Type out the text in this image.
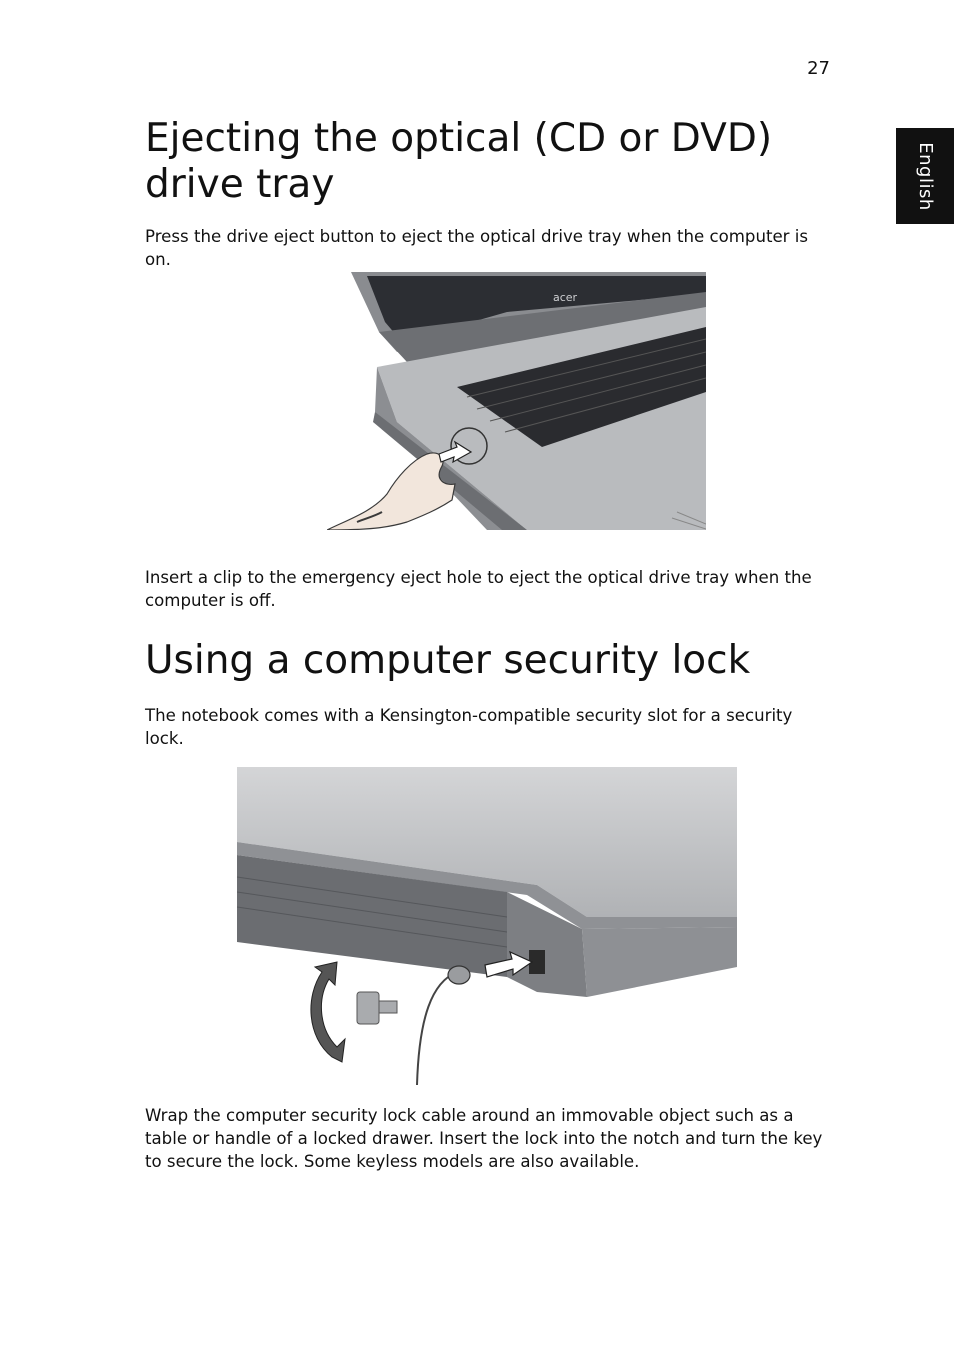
27
English
Ejecting the optical (CD or DVD) drive tray

Press the drive eject button to eject the optical drive tray when the computer is on.

acer

Insert a clip to the emergency eject hole to eject the optical drive tray when the computer is off.

Using a computer security lock

The notebook comes with a Kensington-compatible security slot for a security lock.

Wrap the computer security lock cable around an immovable object such as a table or handle of a locked drawer. Insert the lock into the notch and turn the key to secure the lock. Some keyless models are also available.
